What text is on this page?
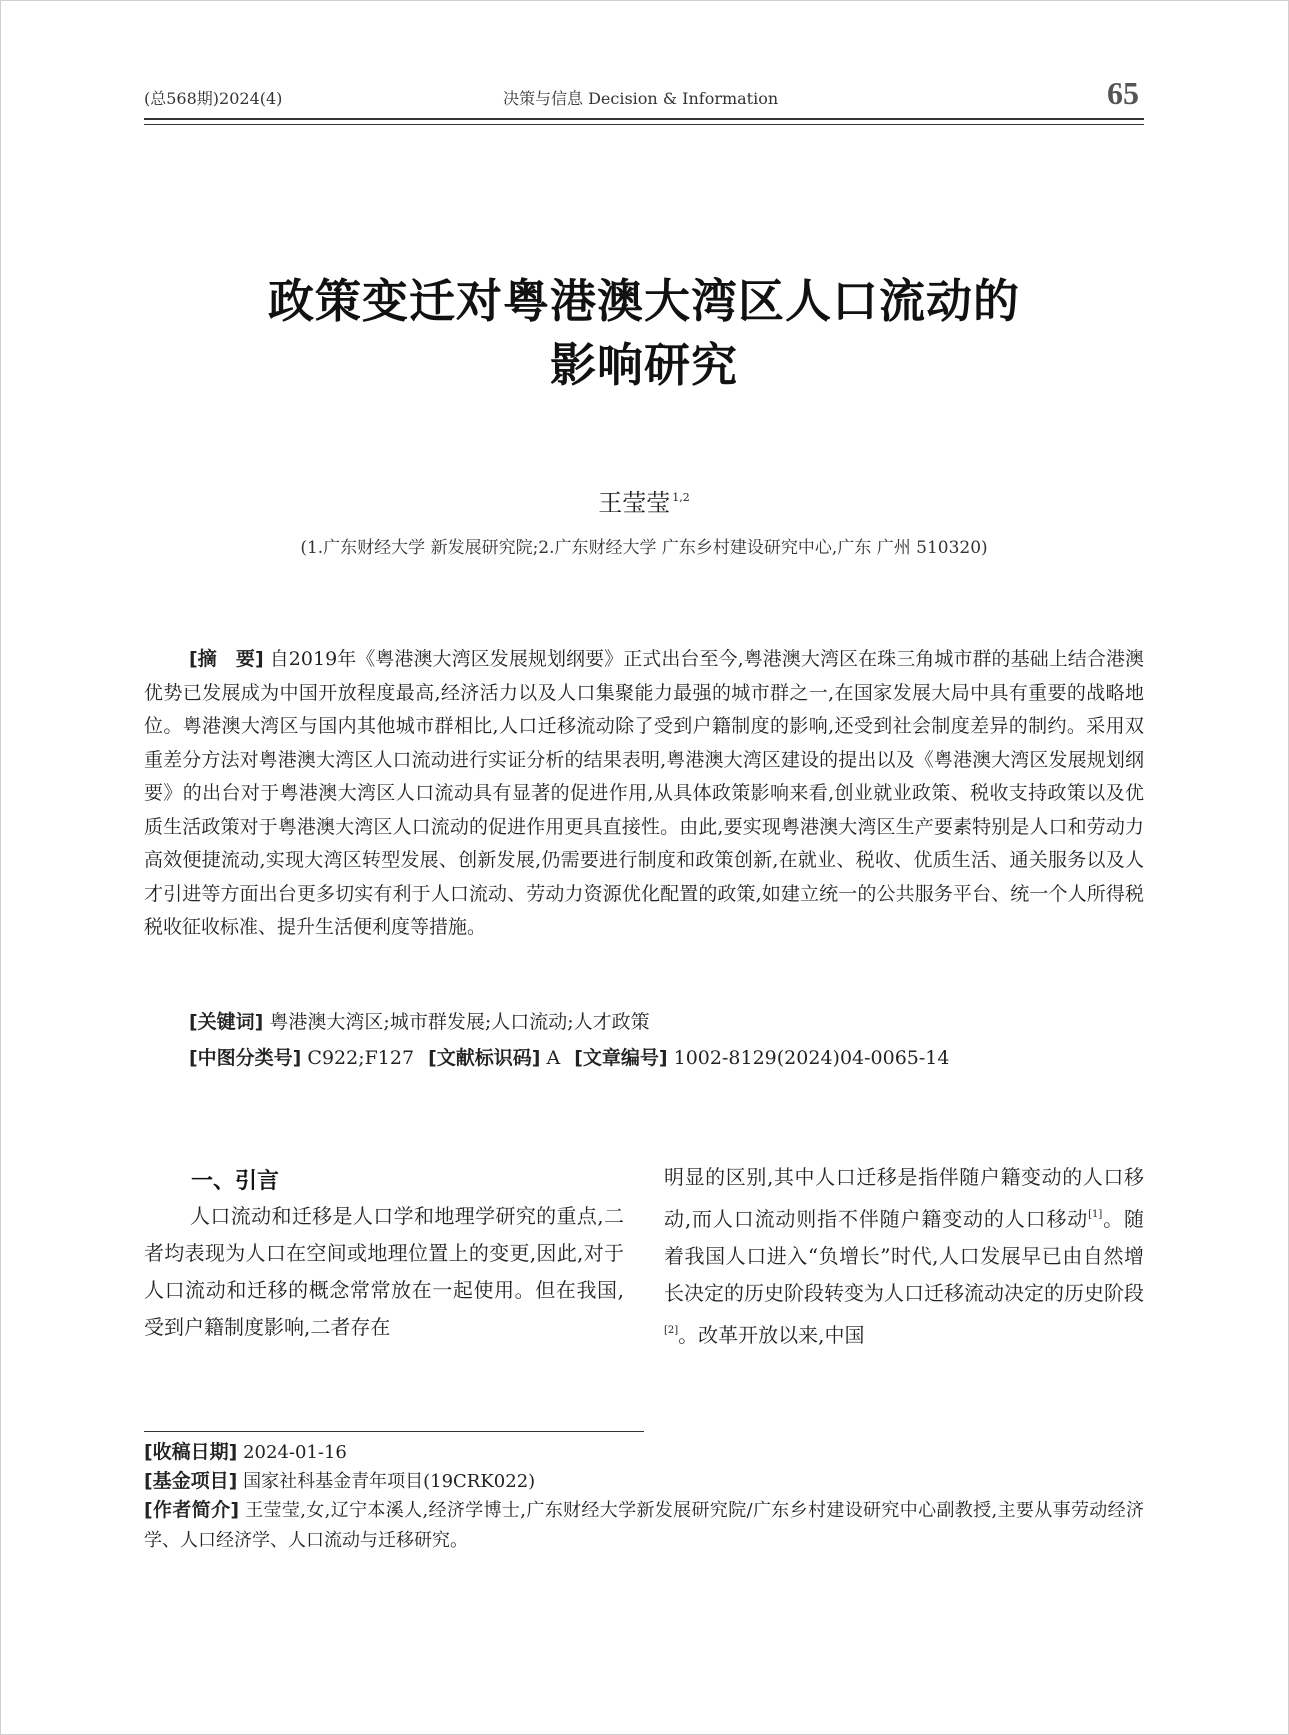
(总568期)2024(4)	决策与信息 Decision & Information	65
政策变迁对粤港澳大湾区人口流动的
影响研究
王莹莹 $^{1,2}$
(1.广东财经大学 新发展研究院;2.广东财经大学 广东乡村建设研究中心,广东 广州 510320)
[摘　要] 自2019年《粤港澳大湾区发展规划纲要》正式出台至今,粤港澳大湾区在珠三角城市群的基础上结合港澳优势已发展成为中国开放程度最高,经济活力以及人口集聚能力最强的城市群之一,在国家发展大局中具有重要的战略地位。粤港澳大湾区与国内其他城市群相比,人口迁移流动除了受到户籍制度的影响,还受到社会制度差异的制约。采用双重差分方法对粤港澳大湾区人口流动进行实证分析的结果表明,粤港澳大湾区建设的提出以及《粤港澳大湾区发展规划纲要》的出台对于粤港澳大湾区人口流动具有显著的促进作用,从具体政策影响来看,创业就业政策、税收支持政策以及优质生活政策对于粤港澳大湾区人口流动的促进作用更具直接性。由此,要实现粤港澳大湾区生产要素特别是人口和劳动力高效便捷流动,实现大湾区转型发展、创新发展,仍需要进行制度和政策创新,在就业、税收、优质生活、通关服务以及人才引进等方面出台更多切实有利于人口流动、劳动力资源优化配置的政策,如建立统一的公共服务平台、统一个人所得税税收征收标准、提升生活便利度等措施。
[关键词] 粤港澳大湾区;城市群发展;人口流动;人才政策
[中图分类号] C922;F127 [文献标识码] A [文章编号] 1002-8129(2024)04-0065-14
一、引言
人口流动和迁移是人口学和地理学研究的重点,二者均表现为人口在空间或地理位置上的变更,因此,对于人口流动和迁移的概念常常放在一起使用。但在我国,受到户籍制度影响,二者存在
明显的区别,其中人口迁移是指伴随户籍变动的人口移动,而人口流动则指不伴随户籍变动的人口移动[1]。随着我国人口进入“负增长”时代,人口发展早已由自然增长决定的历史阶段转变为人口迁移流动决定的历史阶段[2]。改革开放以来,中国
[收稿日期] 2024-01-16
[基金项目] 国家社科基金青年项目(19CRK022)
[作者简介] 王莹莹,女,辽宁本溪人,经济学博士,广东财经大学新发展研究院/广东乡村建设研究中心副教授,主要从事劳动经济学、人口经济学、人口流动与迁移研究。
